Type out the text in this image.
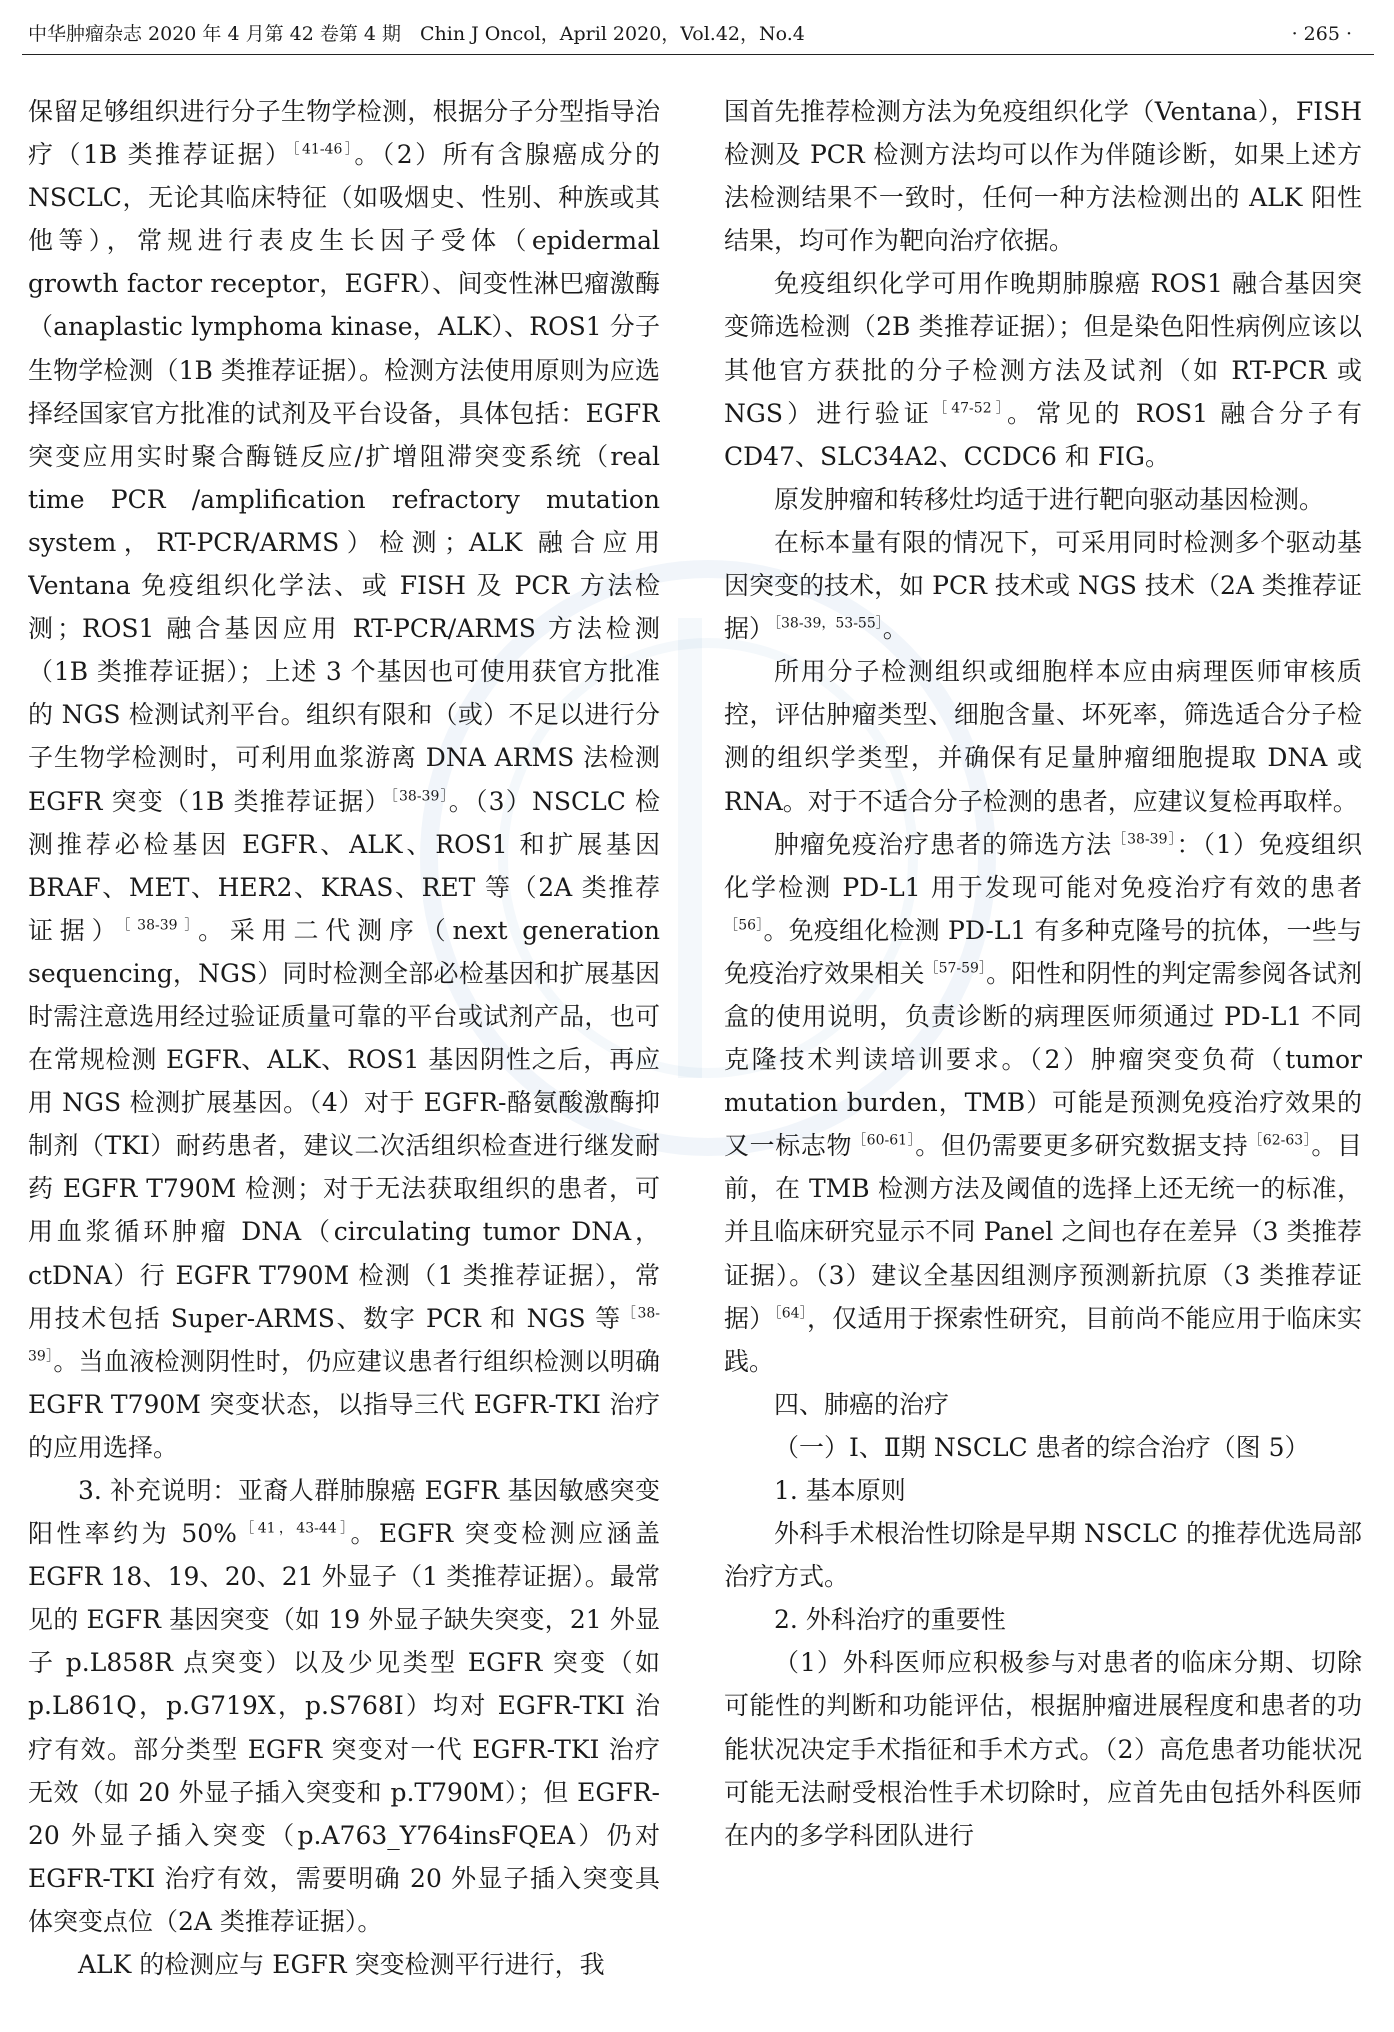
中华肿瘤杂志 2020 年 4 月第 42 卷第 4 期　Chin J Oncol，April 2020，Vol.42，No.4	· 265 ·

保留足够组织进行分子生物学检测，根据分子分型指导治疗（1B 类推荐证据）$^{[41-46]}$。（2）所有含腺癌成分的 NSCLC，无论其临床特征（如吸烟史、性别、种族或其他等），常规进行表皮生长因子受体（epidermal growth factor receptor，EGFR）、间变性淋巴瘤激酶（anaplastic lymphoma kinase，ALK）、ROS1 分子生物学检测（1B 类推荐证据）。检测方法使用原则为应选择经国家官方批准的试剂及平台设备，具体包括：EGFR 突变应用实时聚合酶链反应/扩增阻滞突变系统（real time PCR /amplification refractory mutation system，RT-PCR/ARMS）检测；ALK 融合应用 Ventana 免疫组织化学法、或 FISH 及 PCR 方法检测；ROS1 融合基因应用 RT-PCR/ARMS 方法检测（1B 类推荐证据）；上述 3 个基因也可使用获官方批准的 NGS 检测试剂平台。组织有限和（或）不足以进行分子生物学检测时，可利用血浆游离 DNA ARMS 法检测 EGFR 突变（1B 类推荐证据）$^{[38-39]}$。（3）NSCLC 检测推荐必检基因 EGFR、ALK、ROS1 和扩展基因 BRAF、MET、HER2、KRAS、RET 等（2A 类推荐证据）$^{[38-39]}$。采用二代测序（next generation sequencing，NGS）同时检测全部必检基因和扩展基因时需注意选用经过验证质量可靠的平台或试剂产品，也可在常规检测 EGFR、ALK、ROS1 基因阴性之后，再应用 NGS 检测扩展基因。（4）对于 EGFR-酪氨酸激酶抑制剂（TKI）耐药患者，建议二次活组织检查进行继发耐药 EGFR T790M 检测；对于无法获取组织的患者，可用血浆循环肿瘤 DNA（circulating tumor DNA，ctDNA）行 EGFR T790M 检测（1 类推荐证据），常用技术包括 Super-ARMS、数字 PCR 和 NGS 等$^{[38-39]}$。当血液检测阴性时，仍应建议患者行组织检测以明确 EGFR T790M 突变状态，以指导三代 EGFR-TKI 治疗的应用选择。

3. 补充说明：亚裔人群肺腺癌 EGFR 基因敏感突变阳性率约为 50%$^{[41,43-44]}$。EGFR 突变检测应涵盖 EGFR 18、19、20、21 外显子（1 类推荐证据）。最常见的 EGFR 基因突变（如 19 外显子缺失突变，21 外显子 p.L858R 点突变）以及少见类型 EGFR 突变（如 p.L861Q，p.G719X，p.S768I）均对 EGFR-TKI 治疗有效。部分类型 EGFR 突变对一代 EGFR-TKI 治疗无效（如 20 外显子插入突变和 p.T790M）；但 EGFR-20 外显子插入突变（p.A763_Y764insFQEA）仍对 EGFR-TKI 治疗有效，需要明确 20 外显子插入突变具体突变点位（2A 类推荐证据）。

ALK 的检测应与 EGFR 突变检测平行进行，我

国首先推荐检测方法为免疫组织化学（Ventana），FISH 检测及 PCR 检测方法均可以作为伴随诊断，如果上述方法检测结果不一致时，任何一种方法检测出的 ALK 阳性结果，均可作为靶向治疗依据。

免疫组织化学可用作晚期肺腺癌 ROS1 融合基因突变筛选检测（2B 类推荐证据）；但是染色阳性病例应该以其他官方获批的分子检测方法及试剂（如 RT-PCR 或 NGS）进行验证$^{[47-52]}$。常见的 ROS1 融合分子有 CD47、SLC34A2、CCDC6 和 FIG。

原发肿瘤和转移灶均适于进行靶向驱动基因检测。

在标本量有限的情况下，可采用同时检测多个驱动基因突变的技术，如 PCR 技术或 NGS 技术（2A 类推荐证据）$^{[38-39,53-55]}$。

所用分子检测组织或细胞样本应由病理医师审核质控，评估肿瘤类型、细胞含量、坏死率，筛选适合分子检测的组织学类型，并确保有足量肿瘤细胞提取 DNA 或 RNA。对于不适合分子检测的患者，应建议复检再取样。

肿瘤免疫治疗患者的筛选方法$^{[38-39]}$：（1）免疫组织化学检测 PD-L1 用于发现可能对免疫治疗有效的患者$^{[56]}$。免疫组化检测 PD-L1 有多种克隆号的抗体，一些与免疫治疗效果相关$^{[57-59]}$。阳性和阴性的判定需参阅各试剂盒的使用说明，负责诊断的病理医师须通过 PD-L1 不同克隆技术判读培训要求。（2）肿瘤突变负荷（tumor mutation burden，TMB）可能是预测免疫治疗效果的又一标志物$^{[60-61]}$。但仍需要更多研究数据支持$^{[62-63]}$。目前，在 TMB 检测方法及阈值的选择上还无统一的标准，并且临床研究显示不同 Panel 之间也存在差异（3 类推荐证据）。（3）建议全基因组测序预测新抗原（3 类推荐证据）$^{[64]}$，仅适用于探索性研究，目前尚不能应用于临床实践。

四、肺癌的治疗

（一）Ⅰ、Ⅱ期 NSCLC 患者的综合治疗（图 5）

1. 基本原则

外科手术根治性切除是早期 NSCLC 的推荐优选局部治疗方式。

2. 外科治疗的重要性

（1）外科医师应积极参与对患者的临床分期、切除可能性的判断和功能评估，根据肿瘤进展程度和患者的功能状况决定手术指征和手术方式。（2）高危患者功能状况可能无法耐受根治性手术切除时，应首先由包括外科医师在内的多学科团队进行
